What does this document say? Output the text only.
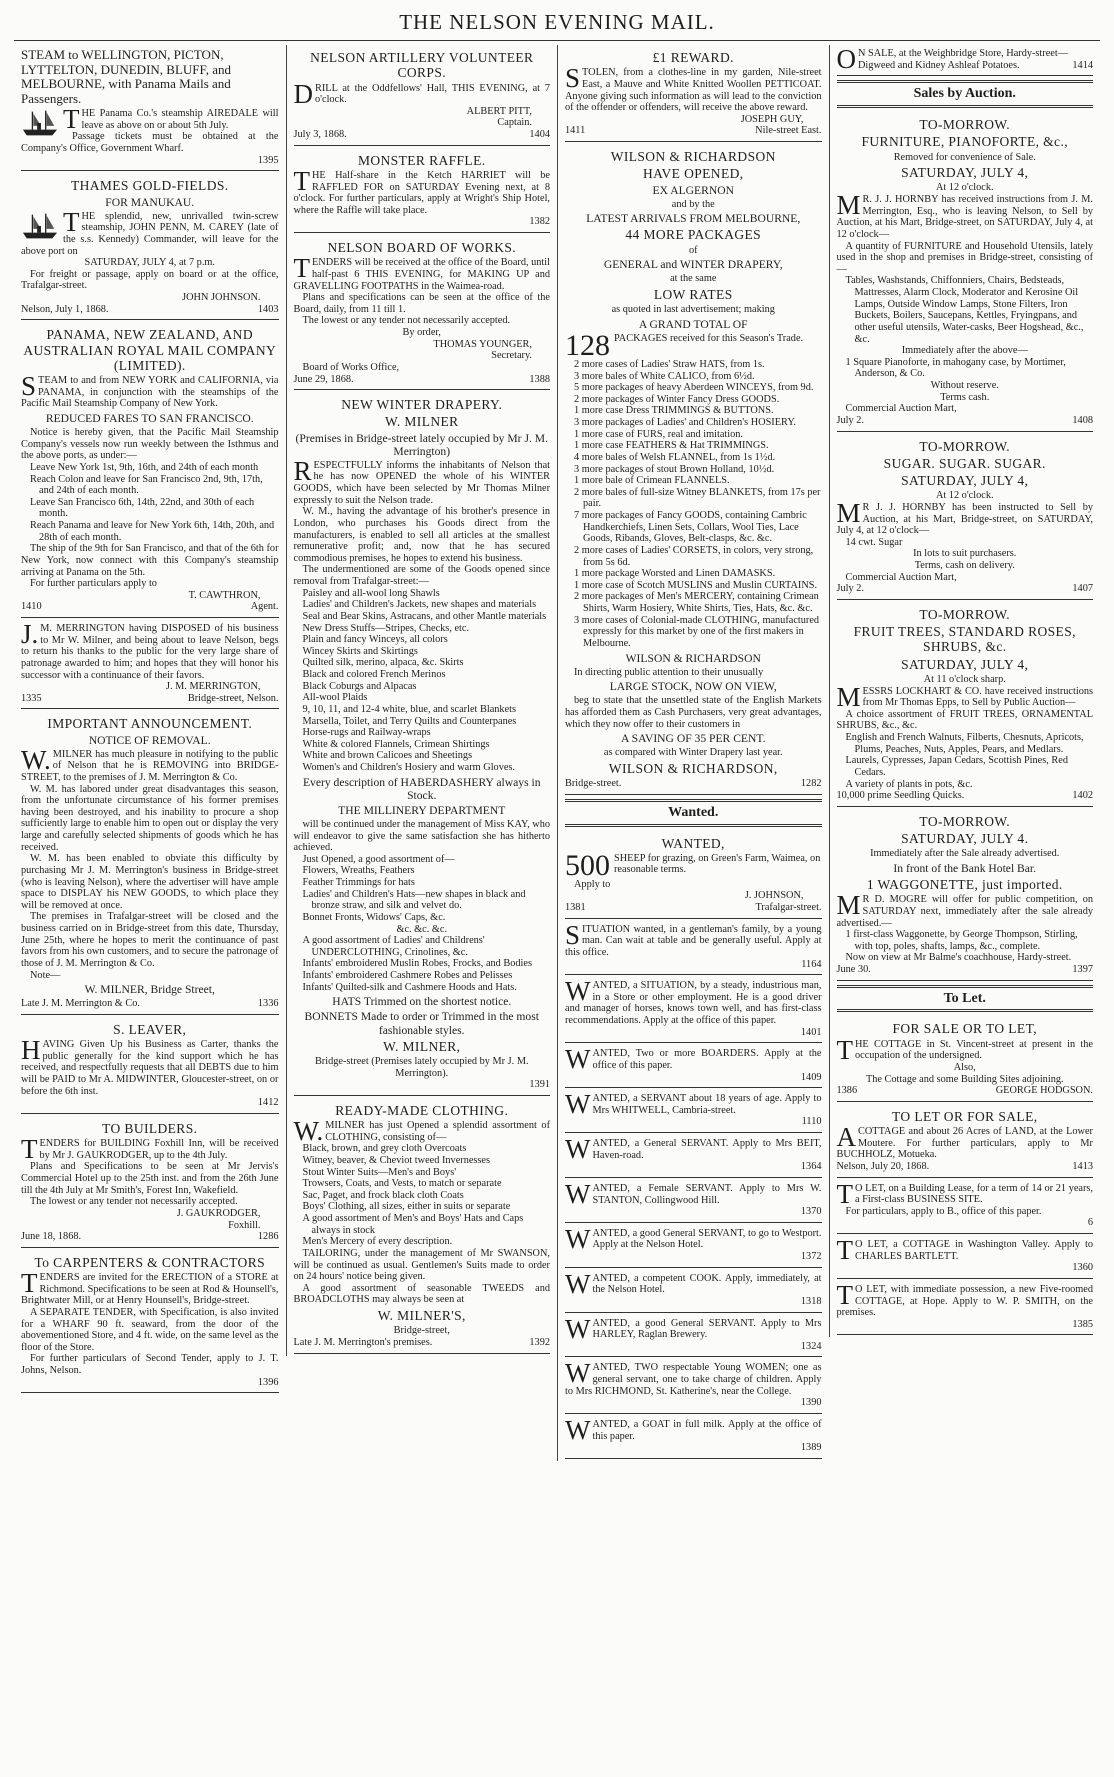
THE NELSON EVENING MAIL.
STEAM to WELLINGTON, PICTON, LYTTELTON, DUNEDIN, BLUFF, and MELBOURNE, with Panama Mails and Passengers.
THE Panama Co.'s steamship AIREDALE will leave as above on or about 5th July.
Passage tickets must be obtained at the Company's Office, Government Wharf.
1395
THAMES GOLD-FIELDS.
FOR MANUKAU.
THE splendid, new, unrivalled twin-screw steamship, JOHN PENN, M. CAREY (late of the s.s. Kennedy) Commander, will leave for the above port on
SATURDAY, JULY 4, at 7 p.m.
For freight or passage, apply on board or at the office, Trafalgar-street.
JOHN JOHNSON.
Nelson, July 1, 1868.	1403
PANAMA, NEW ZEALAND, AND AUSTRALIAN ROYAL MAIL COMPANY (LIMITED).
STEAM to and from NEW YORK and CALIFORNIA, via PANAMA, in conjunction with the steamships of the Pacific Mail Steamship Company of New York.
REDUCED FARES TO SAN FRANCISCO.
Notice is hereby given, that the Pacific Mail Steamship Company's vessels now run weekly between the Isthmus and the above ports, as under:—
Leave New York 1st, 9th, 16th, and 24th of each month
Reach Colon and leave for San Francisco 2nd, 9th, 17th, and 24th of each month.
Leave San Francisco 6th, 14th, 22nd, and 30th of each month.
Reach Panama and leave for New York 6th, 14th, 20th, and 28th of each month.
The ship of the 9th for San Francisco, and that of the 6th for New York, now connect with this Company's steamship arriving at Panama on the 5th.
For further particulars apply to
T. CAWTHRON,
1410	Agent.
J.M. MERRINGTON having DISPOSED of his business to Mr W. Milner, and being about to leave Nelson, begs to return his thanks to the public for the very large share of patronage awarded to him; and hopes that they will honor his successor with a continuance of their favors.
J. M. MERRINGTON,
1335	Bridge-street, Nelson.
IMPORTANT ANNOUNCEMENT.
NOTICE OF REMOVAL.
W.MILNER has much pleasure in notifying to the public of Nelson that he is REMOVING into BRIDGE-STREET, to the premises of J. M. Merrington & Co.
W. M. has labored under great disadvantages this season, from the unfortunate circumstance of his former premises having been destroyed, and his inability to procure a shop sufficiently large to enable him to open out or display the very large and carefully selected shipments of goods which he has received.
W. M. has been enabled to obviate this difficulty by purchasing Mr J. M. Merrington's business in Bridge-street (who is leaving Nelson), where the advertiser will have ample space to DISPLAY his NEW GOODS, to which place they will be removed at once.
The premises in Trafalgar-street will be closed and the business carried on in Bridge-street from this date, Thursday, June 25th, where he hopes to merit the continuance of past favors from his own customers, and to secure the patronage of those of J. M. Merrington & Co.
Note—
W. MILNER, Bridge Street,
Late J. M. Merrington & Co.	1336
S. LEAVER,
HAVING Given Up his Business as Carter, thanks the public generally for the kind support which he has received, and respectfully requests that all DEBTS due to him will be PAID to Mr A. MIDWINTER, Gloucester-street, on or before the 6th inst.
1412
TO BUILDERS.
TENDERS for BUILDING Foxhill Inn, will be received by Mr J. GAUKRODGER, up to the 4th July.
Plans and Specifications to be seen at Mr Jervis's Commercial Hotel up to the 25th inst. and from the 26th June till the 4th July at Mr Smith's, Forest Inn, Wakefield.
The lowest or any tender not necessarily accepted.
J. GAUKRODGER,
Foxhill.
June 18, 1868.	1286
To CARPENTERS & CONTRACTORS
TENDERS are invited for the ERECTION of a STORE at Richmond. Specifications to be seen at Rod & Hounsell's, Brightwater Mill, or at Henry Hounsell's, Bridge-street.
A SEPARATE TENDER, with Specification, is also invited for a WHARF 90 ft. seaward, from the door of the abovementioned Store, and 4 ft. wide, on the same level as the floor of the Store.
For further particulars of Second Tender, apply to J. T. Johns, Nelson.
1396
NELSON ARTILLERY VOLUNTEER CORPS.
DRILL at the Oddfellows' Hall, THIS EVENING, at 7 o'clock.
ALBERT PITT,
Captain.
July 3, 1868.	1404
MONSTER RAFFLE.
THE Half-share in the Ketch HARRIET will be RAFFLED FOR on SATURDAY Evening next, at 8 o'clock. For further particulars, apply at Wright's Ship Hotel, where the Raffle will take place.
1382
NELSON BOARD OF WORKS.
TENDERS will be received at the office of the Board, until half-past 6 THIS EVENING, for MAKING UP and GRAVELLING FOOTPATHS in the Waimea-road.
Plans and specifications can be seen at the office of the Board, daily, from 11 till 1.
The lowest or any tender not necessarily accepted.
By order,
THOMAS YOUNGER,
Secretary.
Board of Works Office,
June 29, 1868.	1388
NEW WINTER DRAPERY.
W. MILNER
(Premises in Bridge-street lately occupied by Mr J. M. Merrington)
RESPECTFULLY informs the inhabitants of Nelson that he has now OPENED the whole of his WINTER GOODS, which have been selected by Mr Thomas Milner expressly to suit the Nelson trade.
W. M., having the advantage of his brother's presence in London, who purchases his Goods direct from the manufacturers, is enabled to sell all articles at the smallest remunerative profit; and, now that he has secured commodious premises, he hopes to extend his business.
The undermentioned are some of the Goods opened since removal from Trafalgar-street:—
Paisley and all-wool long Shawls
Ladies' and Children's Jackets, new shapes and materials
Seal and Bear Skins, Astracans, and other Mantle materials
New Dress Stuffs—Stripes, Checks, etc.
Plain and fancy Winceys, all colors
Wincey Skirts and Skirtings
Quilted silk, merino, alpaca, &c. Skirts
Black and colored French Merinos
Black Coburgs and Alpacas
All-wool Plaids
9, 10, 11, and 12-4 white, blue, and scarlet Blankets
Marsella, Toilet, and Terry Quilts and Counterpanes
Horse-rugs and Railway-wraps
White & colored Flannels, Crimean Shirtings
White and brown Calicoes and Sheetings
Women's and Children's Hosiery and warm Gloves.
Every description of HABERDASHERY always in Stock.
THE MILLINERY DEPARTMENT
will be continued under the management of Miss KAY, who will endeavor to give the same satisfaction she has hitherto achieved.
Just Opened, a good assortment of—
Flowers, Wreaths, Feathers
Feather Trimmings for hats
Ladies' and Children's Hats—new shapes in black and bronze straw, and silk and velvet do.
Bonnet Fronts, Widows' Caps, &c.
&c. &c. &c.
A good assortment of Ladies' and Childrens' UNDERCLOTHING, Crinolines, &c.
Infants' embroidered Muslin Robes, Frocks, and Bodies
Infants' embroidered Cashmere Robes and Pelisses
Infants' Quilted-silk and Cashmere Hoods and Hats.
HATS Trimmed on the shortest notice.
BONNETS Made to order or Trimmed in the most fashionable styles.
W. MILNER,
Bridge-street (Premises lately occupied by Mr J. M. Merrington).
1391
READY-MADE CLOTHING.
W.MILNER has just Opened a splendid assortment of CLOTHING, consisting of—
Black, brown, and grey cloth Overcoats
Witney, beaver, & Cheviot tweed Invernesses
Stout Winter Suits—Men's and Boys'
Trowsers, Coats, and Vests, to match or separate
Sac, Paget, and frock black cloth Coats
Boys' Clothing, all sizes, either in suits or separate
A good assortment of Men's and Boys' Hats and Caps always in stock
Men's Mercery of every description.
TAILORING, under the management of Mr SWANSON, will be continued as usual. Gentlemen's Suits made to order on 24 hours' notice being given.
A good assortment of seasonable TWEEDS and BROADCLOTHS may always be seen at
W. MILNER'S,
Bridge-street,
Late J. M. Merrington's premises.	1392
£1 REWARD.
STOLEN, from a clothes-line in my garden, Nile-street East, a Mauve and White Knitted Woollen PETTICOAT. Anyone giving such information as will lead to the conviction of the offender or offenders, will receive the above reward.
JOSEPH GUY,
1411	Nile-street East.
WILSON & RICHARDSON
HAVE OPENED,
EX ALGERNON
and by the
LATEST ARRIVALS FROM MELBOURNE,
44 MORE PACKAGES
of
GENERAL and WINTER DRAPERY,
at the same
LOW RATES
as quoted in last advertisement; making
A GRAND TOTAL OF
128 PACKAGES received for this Season's Trade.
2 more cases of Ladies' Straw HATS, from 1s.
3 more bales of White CALICO, from 6½d.
5 more packages of heavy Aberdeen WINCEYS, from 9d.
2 more packages of Winter Fancy Dress GOODS.
1 more case Dress TRIMMINGS & BUTTONS.
3 more packages of Ladies' and Children's HOSIERY.
1 more case of FURS, real and imitation.
1 more case FEATHERS & Hat TRIMMINGS.
4 more bales of Welsh FLANNEL, from 1s 1½d.
3 more packages of stout Brown Holland, 10½d.
1 more bale of Crimean FLANNELS.
2 more bales of full-size Witney BLANKETS, from 17s per pair.
7 more packages of Fancy GOODS, containing Cambric Handkerchiefs, Linen Sets, Collars, Wool Ties, Lace Goods, Ribands, Gloves, Belt-clasps, &c. &c.
2 more cases of Ladies' CORSETS, in colors, very strong, from 5s 6d.
1 more package Worsted and Linen DAMASKS.
1 more case of Scotch MUSLINS and Muslin CURTAINS.
2 more packages of Men's MERCERY, containing Crimean Shirts, Warm Hosiery, White Shirts, Ties, Hats, &c. &c.
3 more cases of Colonial-made CLOTHING, manufactured expressly for this market by one of the first makers in Melbourne.
WILSON & RICHARDSON
In directing public attention to their unusually
LARGE STOCK, NOW ON VIEW,
beg to state that the unsettled state of the English Markets has afforded them as Cash Purchasers, very great advantages, which they now offer to their customers in
A SAVING OF 35 PER CENT.
as compared with Winter Drapery last year.
WILSON & RICHARDSON,
Bridge-street.	1282
Wanted.
WANTED,
500 SHEEP for grazing, on Green's Farm, Waimea, on reasonable terms.
Apply to
J. JOHNSON,
1381	Trafalgar-street.
SITUATION wanted, in a gentleman's family, by a young man. Can wait at table and be generally useful. Apply at this office.
1164
WANTED, a SITUATION, by a steady, industrious man, in a Store or other employment. He is a good driver and manager of horses, knows town well, and has first-class recommendations. Apply at the office of this paper.
1401
WANTED, Two or more BOARDERS. Apply at the office of this paper.
1409
WANTED, a SERVANT about 18 years of age. Apply to Mrs WHITWELL, Cambria-street.
1110
WANTED, a General SERVANT. Apply to Mrs BEIT, Haven-road.
1364
WANTED, a Female SERVANT. Apply to Mrs W. STANTON, Collingwood Hill.
1370
WANTED, a good General SERVANT, to go to Westport. Apply at the Nelson Hotel.
1372
WANTED, a competent COOK. Apply, immediately, at the Nelson Hotel.
1318
WANTED, a good General SERVANT. Apply to Mrs HARLEY, Raglan Brewery.
1324
WANTED, TWO respectable Young WOMEN; one as general servant, one to take charge of children. Apply to Mrs RICHMOND, St. Katherine's, near the College.
1390
WANTED, a GOAT in full milk. Apply at the office of this paper.
1389
ON SALE, at the Weighbridge Store, Hardy-street—
Digweed and Kidney Ashleaf Potatoes.	1414
Sales by Auction.
TO-MORROW.
FURNITURE, PIANOFORTE, &c.,
Removed for convenience of Sale.
SATURDAY, JULY 4,
At 12 o'clock.
MR. J. J. HORNBY has received instructions from J. M. Merrington, Esq., who is leaving Nelson, to Sell by Auction, at his Mart, Bridge-street, on SATURDAY, July 4, at 12 o'clock—
A quantity of FURNITURE and Household Utensils, lately used in the shop and premises in Bridge-street, consisting of—
Tables, Washstands, Chiffonniers, Chairs, Bedsteads, Mattresses, Alarm Clock, Moderator and Kerosine Oil Lamps, Outside Window Lamps, Stone Filters, Iron Buckets, Boilers, Saucepans, Kettles, Fryingpans, and other useful utensils, Water-casks, Beer Hogshead, &c., &c.
Immediately after the above—
1 Square Pianoforte, in mahogany case, by Mortimer, Anderson, & Co.
Without reserve.
Terms cash.
Commercial Auction Mart,
July 2.	1408
TO-MORROW.
SUGAR. SUGAR. SUGAR.
SATURDAY, JULY 4,
At 12 o'clock.
MR J. J. HORNBY has been instructed to Sell by Auction, at his Mart, Bridge-street, on SATURDAY, July 4, at 12 o'clock—
14 cwt. Sugar
In lots to suit purchasers.
Terms, cash on delivery.
Commercial Auction Mart,
July 2.	1407
TO-MORROW.
FRUIT TREES, STANDARD ROSES, SHRUBS, &c.
SATURDAY, JULY 4,
At 11 o'clock sharp.
MESSRS LOCKHART & CO. have received instructions from Mr Thomas Epps, to Sell by Public Auction—
A choice assortment of FRUIT TREES, ORNAMENTAL SHRUBS, &c., &c.
English and French Walnuts, Filberts, Chesnuts, Apricots, Plums, Peaches, Nuts, Apples, Pears, and Medlars.
Laurels, Cypresses, Japan Cedars, Scottish Pines, Red Cedars.
A variety of plants in pots, &c.
10,000 prime Seedling Quicks.	1402
TO-MORROW.
SATURDAY, JULY 4.
Immediately after the Sale already advertised.
In front of the Bank Hotel Bar.
1 WAGGONETTE, just imported.
MR D. MOGRE will offer for public competition, on SATURDAY next, immediately after the sale already advertised.—
1 first-class Waggonette, by George Thompson, Stirling, with top, poles, shafts, lamps, &c., complete.
Now on view at Mr Balme's coachhouse, Hardy-street.
June 30.	1397
To Let.
FOR SALE OR TO LET,
THE COTTAGE in St. Vincent-street at present in the occupation of the undersigned.
Also,
The Cottage and some Building Sites adjoining.
1386	GEORGE HODGSON.
TO LET OR FOR SALE,
ACOTTAGE and about 26 Acres of LAND, at the Lower Moutere. For further particulars, apply to Mr BUCHHOLZ, Motueka.
Nelson, July 20, 1868.	1413
TO LET, on a Building Lease, for a term of 14 or 21 years, a First-class BUSINESS SITE.
For particulars, apply to B., office of this paper.
6
TO LET, a COTTAGE in Washington Valley. Apply to CHARLES BARTLETT.
1360
TO LET, with immediate possession, a new Five-roomed COTTAGE, at Hope. Apply to W. P. SMITH, on the premises.
1385
